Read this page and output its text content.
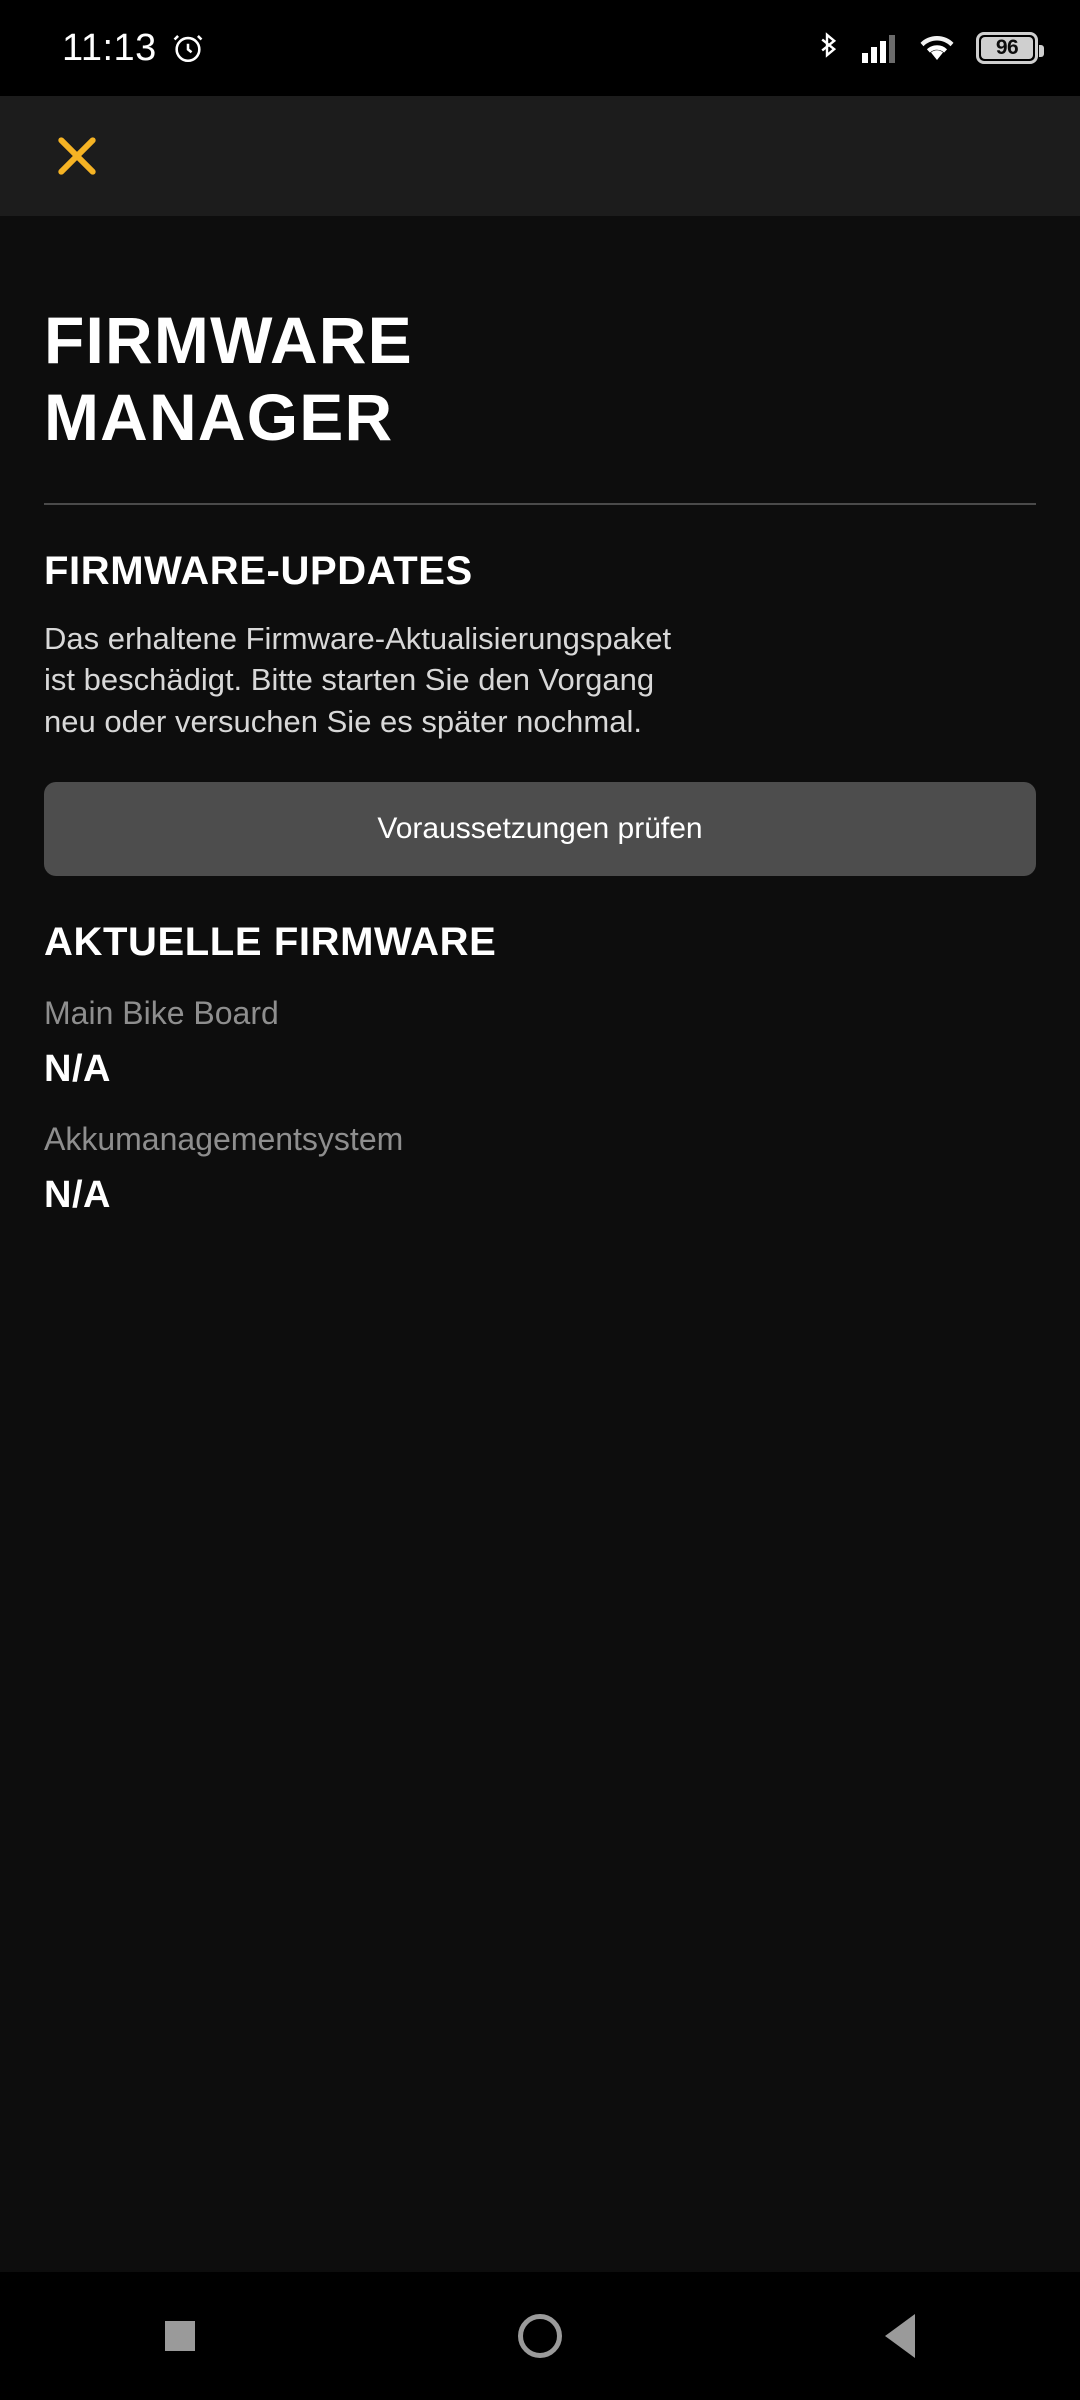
11:13	96
FIRMWARE MANAGER
FIRMWARE-UPDATES
Das erhaltene Firmware-Aktualisierungspaket ist beschädigt. Bitte starten Sie den Vorgang neu oder versuchen Sie es später nochmal.
Voraussetzungen prüfen
AKTUELLE FIRMWARE
Main Bike Board
N/A
Akkumanagementsystem
N/A
